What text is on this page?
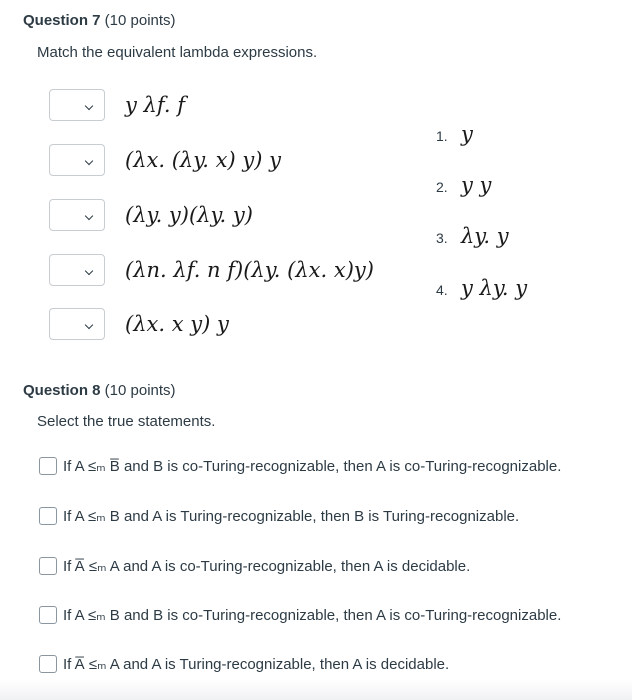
Question 7 (10 points)
Match the equivalent lambda expressions.
y λf. f
(λx. (λy. x) y) y
(λy. y)(λy. y)
(λn. λf. n f)(λy. (λx. x)y)
(λx. x y) y
1. y
2. y y
3. λy. y
4. y λy. y
Question 8 (10 points)
Select the true statements.
If A ≤ₘ B̅ and B is co-Turing-recognizable, then A is co-Turing-recognizable.
If A ≤ₘ B and A is Turing-recognizable, then B is Turing-recognizable.
If A̅ ≤ₘ A and A is co-Turing-recognizable, then A is decidable.
If A ≤ₘ B and B is co-Turing-recognizable, then A is co-Turing-recognizable.
If A̅ ≤ₘ A and A is Turing-recognizable, then A is decidable.
